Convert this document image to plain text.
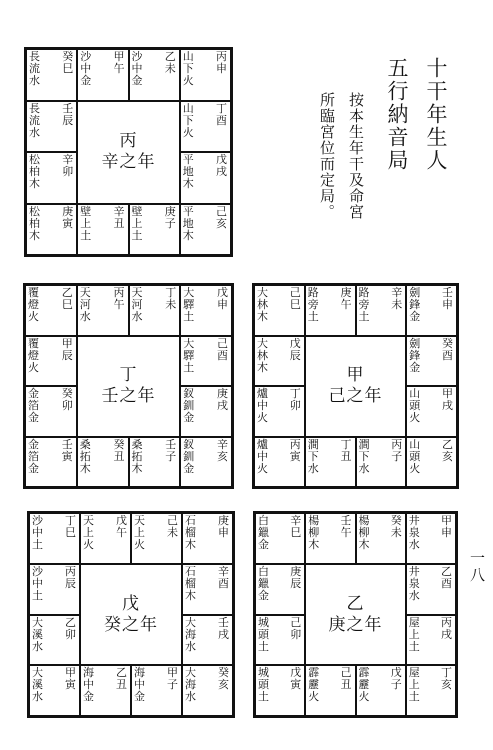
十干年生人
五行納音局
按本生年干及命宮
所臨宮位而定局。
長
流
水
癸
巳
沙
中
金
甲
午
沙
中
金
乙
未
山
下
火
丙
申
長
流
水
壬
辰
山
下
火
丁
酉
松
柏
木
辛
卯
平
地
木
戊
戌
松
柏
木
庚
寅
壁
上
土
辛
丑
壁
上
土
庚
子
平
地
木
己
亥
丙
辛之年
覆
燈
火
乙
巳
天
河
水
丙
午
天
河
水
丁
未
大
驛
土
戊
申
覆
燈
火
甲
辰
大
驛
土
己
酉
金
箔
金
癸
卯
釵
釧
金
庚
戌
金
箔
金
壬
寅
桑
拓
木
癸
丑
桑
拓
木
壬
子
釵
釧
金
辛
亥
丁
壬之年
大
林
木
己
巳
路
旁
土
庚
午
路
旁
土
辛
未
劍
鋒
金
壬
申
大
林
木
戊
辰
劍
鋒
金
癸
酉
爐
中
火
丁
卯
山
頭
火
甲
戌
爐
中
火
丙
寅
澗
下
水
丁
丑
澗
下
水
丙
子
山
頭
火
乙
亥
甲
己之年
沙
中
土
丁
巳
天
上
火
戊
午
天
上
火
己
未
石
榴
木
庚
申
沙
中
土
丙
辰
石
榴
木
辛
酉
大
溪
水
乙
卯
大
海
水
壬
戌
大
溪
水
甲
寅
海
中
金
乙
丑
海
中
金
甲
子
大
海
水
癸
亥
戊
癸之年
白
鑞
金
辛
巳
楊
柳
木
壬
午
楊
柳
木
癸
未
井
泉
水
甲
申
白
鑞
金
庚
辰
井
泉
水
乙
酉
城
頭
土
己
卯
屋
上
土
丙
戌
城
頭
土
戊
寅
霹
靂
火
己
丑
霹
靂
火
戊
子
屋
上
土
丁
亥
乙
庚之年
一八
